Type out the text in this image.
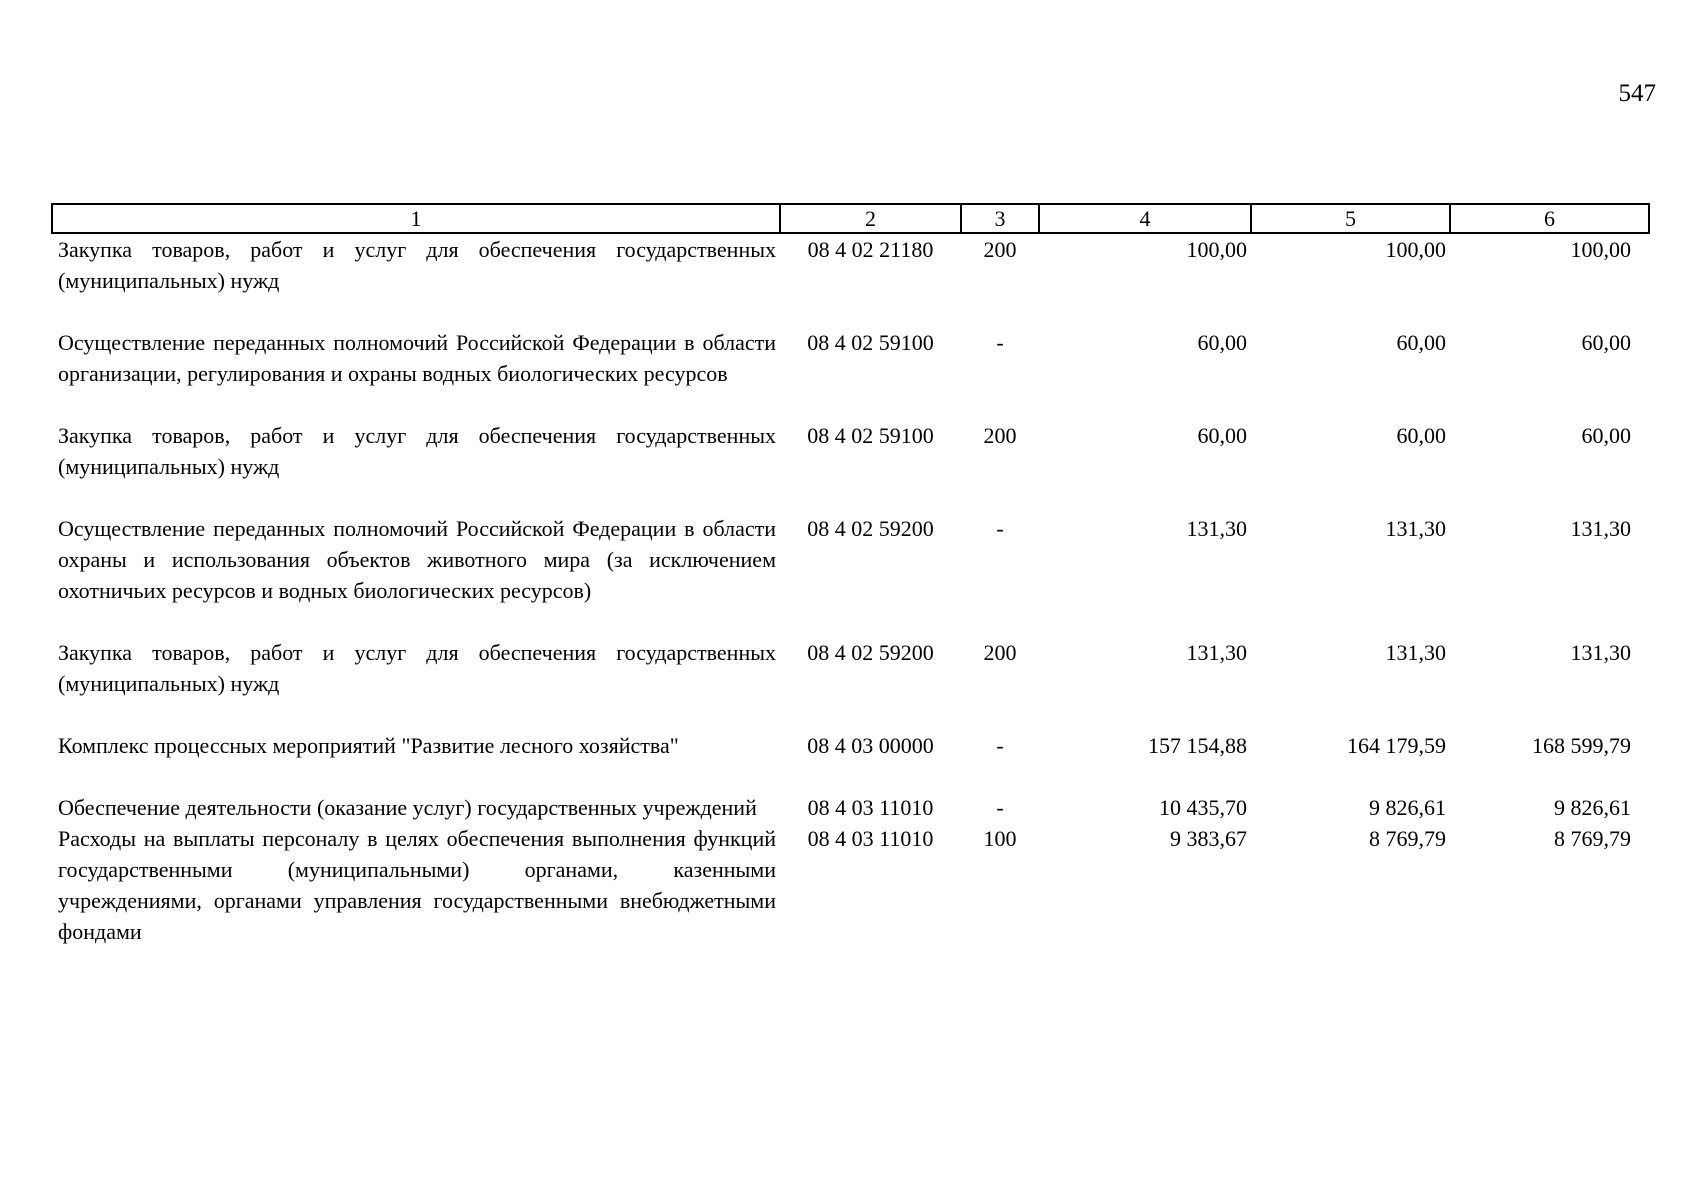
547
1	2	3	4	5	6
Закупка товаров, работ и услуг для обеспечения государственных (муниципальных) нужд	08 4 02 21180	200	100,00	100,00	100,00
Осуществление переданных полномочий Российской Федерации в области организации, регулирования и охраны водных биологических ресурсов	08 4 02 59100	-	60,00	60,00	60,00
Закупка товаров, работ и услуг для обеспечения государственных (муниципальных) нужд	08 4 02 59100	200	60,00	60,00	60,00
Осуществление переданных полномочий Российской Федерации в области охраны и использования объектов животного мира (за исключением охотничьих ресурсов и водных биологических ресурсов)	08 4 02 59200	-	131,30	131,30	131,30
Закупка товаров, работ и услуг для обеспечения государственных (муниципальных) нужд	08 4 02 59200	200	131,30	131,30	131,30
Комплекс процессных мероприятий "Развитие лесного хозяйства"	08 4 03 00000	-	157 154,88	164 179,59	168 599,79
Обеспечение деятельности (оказание услуг) государственных учреждений	08 4 03 11010	-	10 435,70	9 826,61	9 826,61
Расходы на выплаты персоналу в целях обеспечения выполнения функций государственными (муниципальными) органами, казенными учреждениями, органами управления государственными внебюджетными фондами	08 4 03 11010	100	9 383,67	8 769,79	8 769,79
